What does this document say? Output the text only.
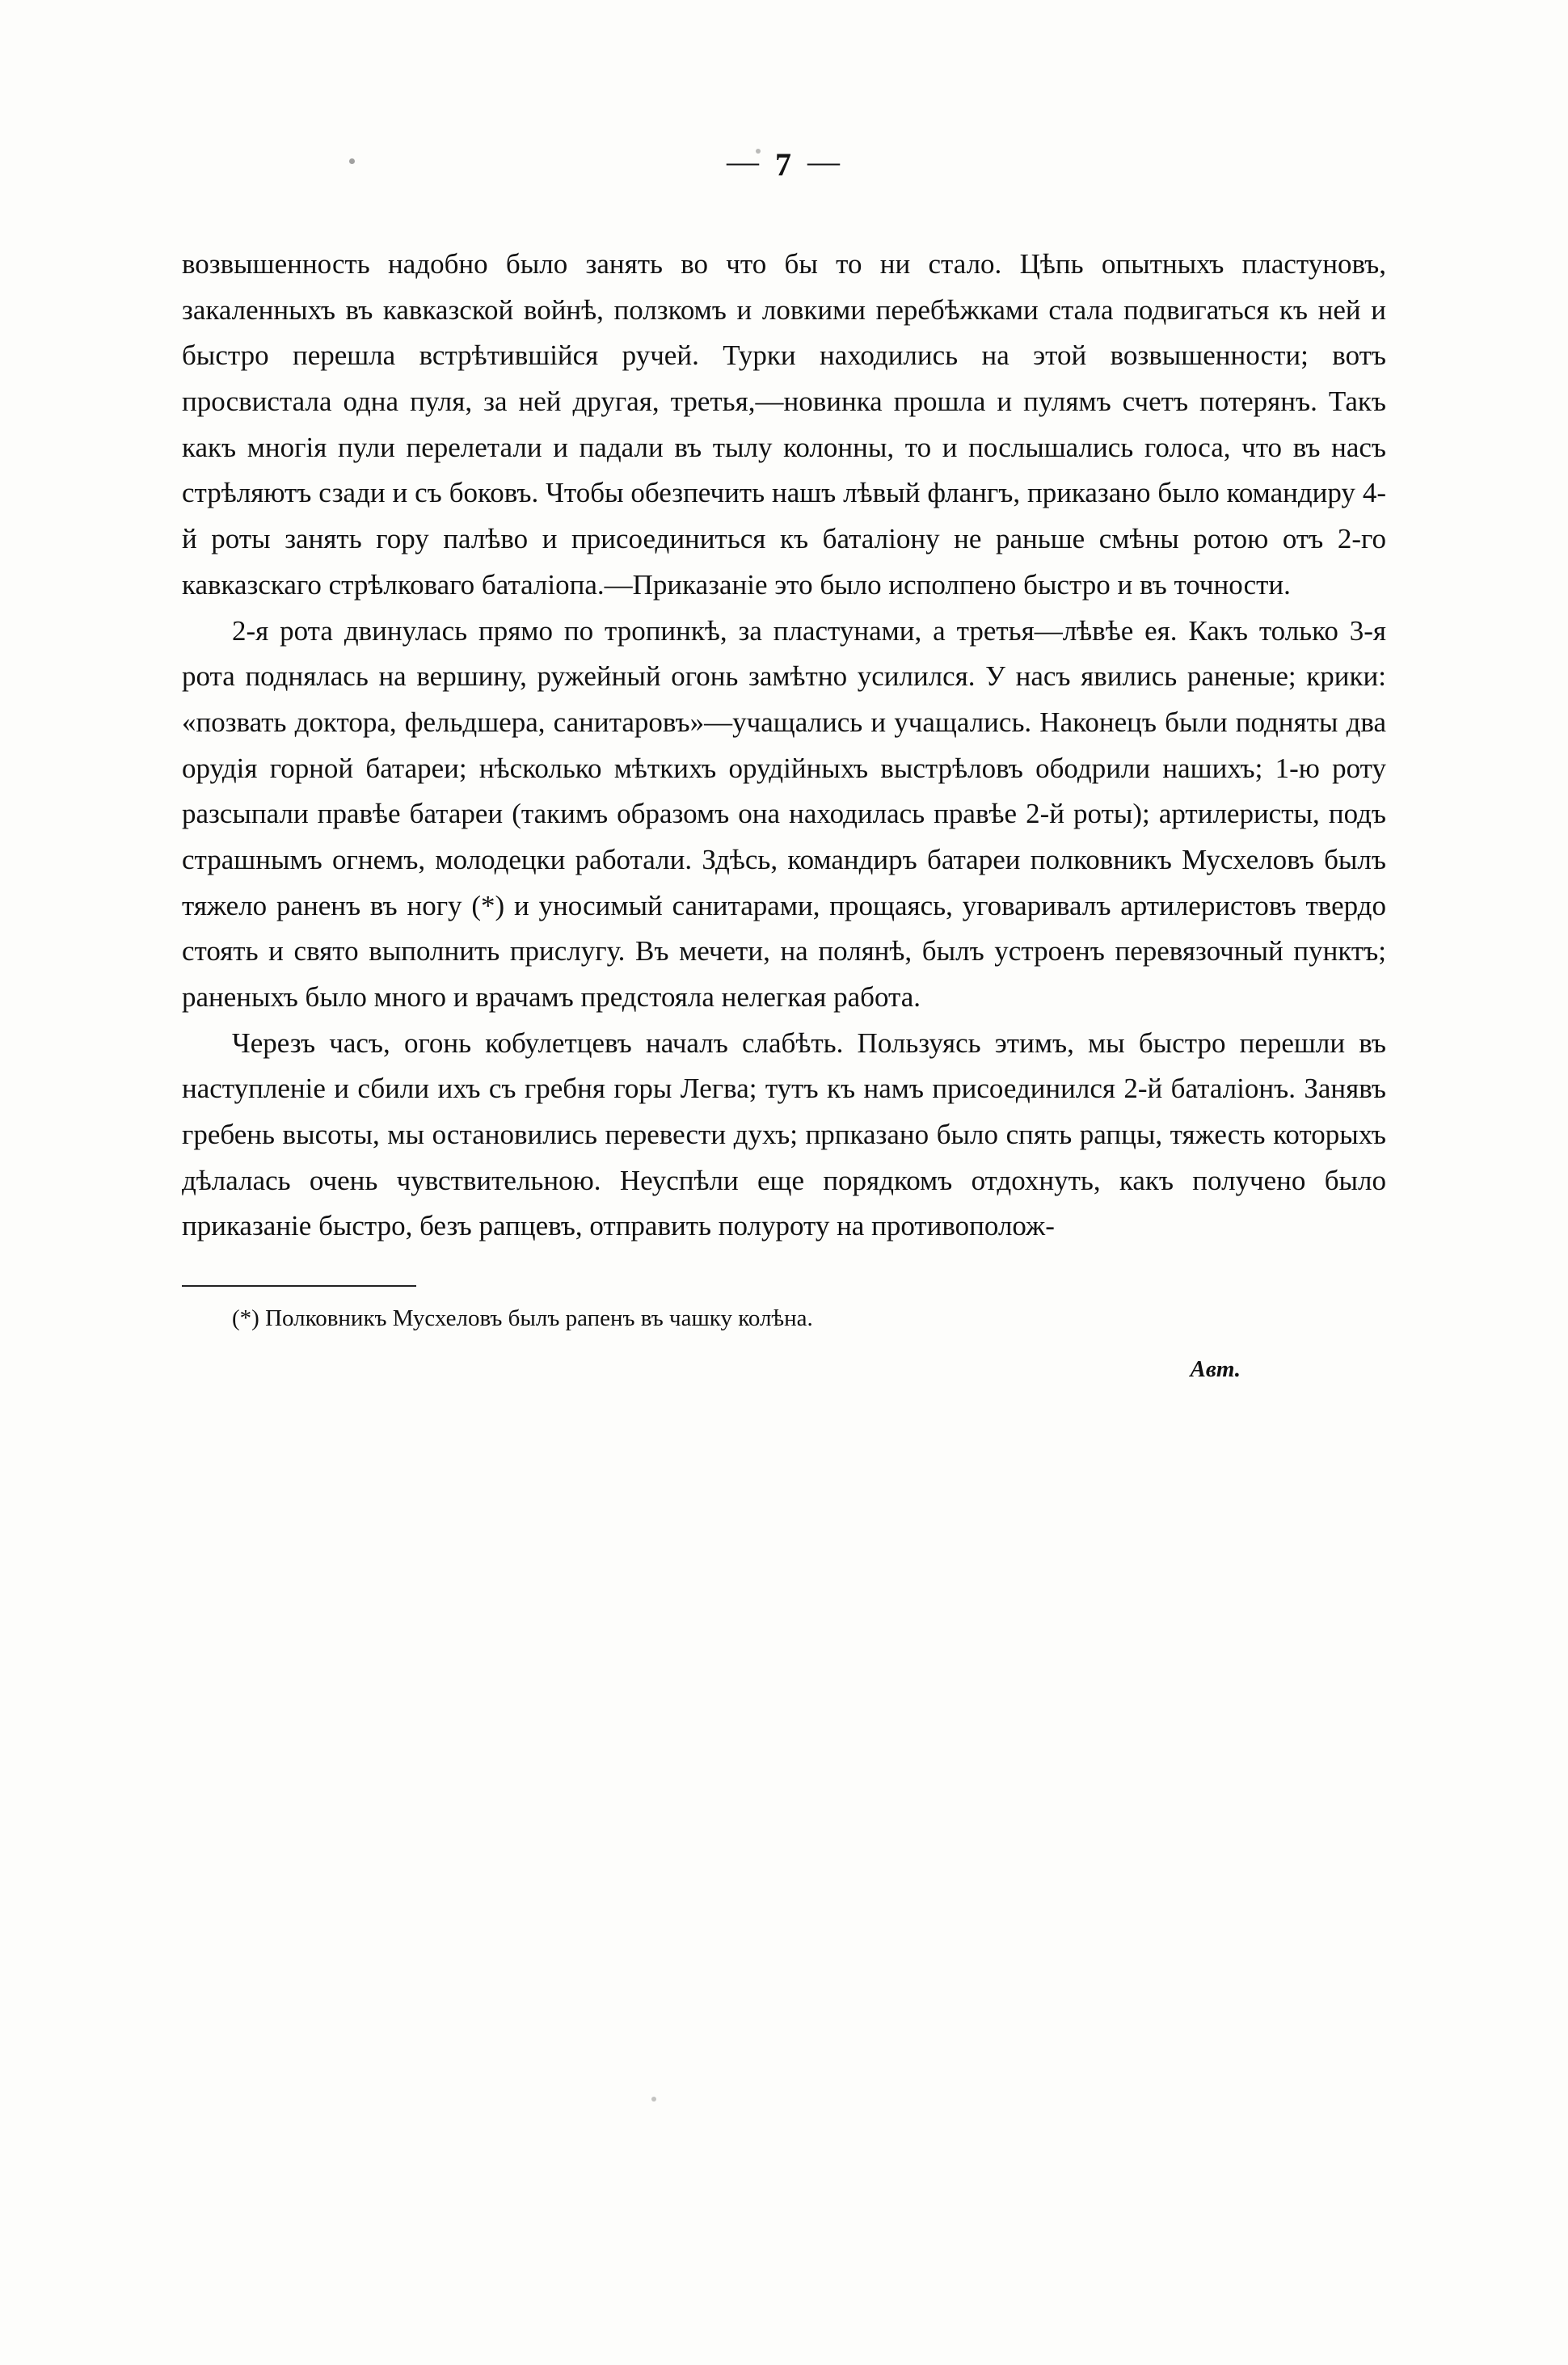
— 7 —

возвышенность надобно было занять во что бы то ни стало. Цѣпь опытныхъ пластуновъ, закаленныхъ въ кавказской войнѣ, ползкомъ и ловкими перебѣжками стала подвигаться къ ней и быстро перешла встрѣтившiйся ручей. Турки находились на этой возвышенности; вотъ просвистала одна пуля, за ней другая, третья,—новинка прошла и пулямъ счетъ потерянъ. Такъ какъ многiя пули перелетали и падали въ тылу колонны, то и послышались голоса, что въ насъ стрѣляютъ сзади и съ боковъ. Чтобы обезпечить нашъ лѣвый флангъ, приказано было командиру 4-й роты занять гору палѣво и присоединиться къ баталiону не раньше смѣны ротою отъ 2-го кавказскаго стрѣлковаго баталiопа.—Приказанiе это было исполпено быстро и въ точности.

2-я рота двинулась прямо по тропинкѣ, за пластунами, а третья—лѣвѣе ея. Какъ только 3-я рота поднялась на вершину, ружейный огонь замѣтно усилился. У насъ явились раненые; крики: «позвать доктора, фельдшера, санитаровъ»—учащались и учащались. Наконецъ были подняты два орудiя горной батареи; нѣсколько мѣткихъ орудiйныхъ выстрѣловъ ободрили нашихъ; 1-ю роту разсыпали правѣе батареи (такимъ образомъ она находилась правѣе 2-й роты); артилеристы, подъ страшнымъ огнемъ, молодецки работали. Здѣсь, командиръ батареи полковникъ Мусхеловъ былъ тяжело раненъ въ ногу (*) и уносимый санитарами, прощаясь, уговаривалъ артилеристовъ твердо стоять и свято выполнить прислугу. Въ мечети, на полянѣ, былъ устроенъ перевязочный пунктъ; раненыхъ было много и врачамъ предстояла нелегкая работа.

Черезъ часъ, огонь кобулетцевъ началъ слабѣть. Пользуясь этимъ, мы быстро перешли въ наступленiе и сбили ихъ съ гребня горы Легва; тутъ къ намъ присоединился 2-й баталiонъ. Занявъ гребень высоты, мы остановились перевести духъ; прпказано было спять рапцы, тяжесть которыхъ дѣлалась очень чувствительною. Неуспѣли еще порядкомъ отдохнуть, какъ получено было приказанiе быстро, безъ рапцевъ, отправить полуроту на противополож-

(*) Полковникъ Мусхеловъ былъ рапенъ въ чашку колѣна.
Авт.
